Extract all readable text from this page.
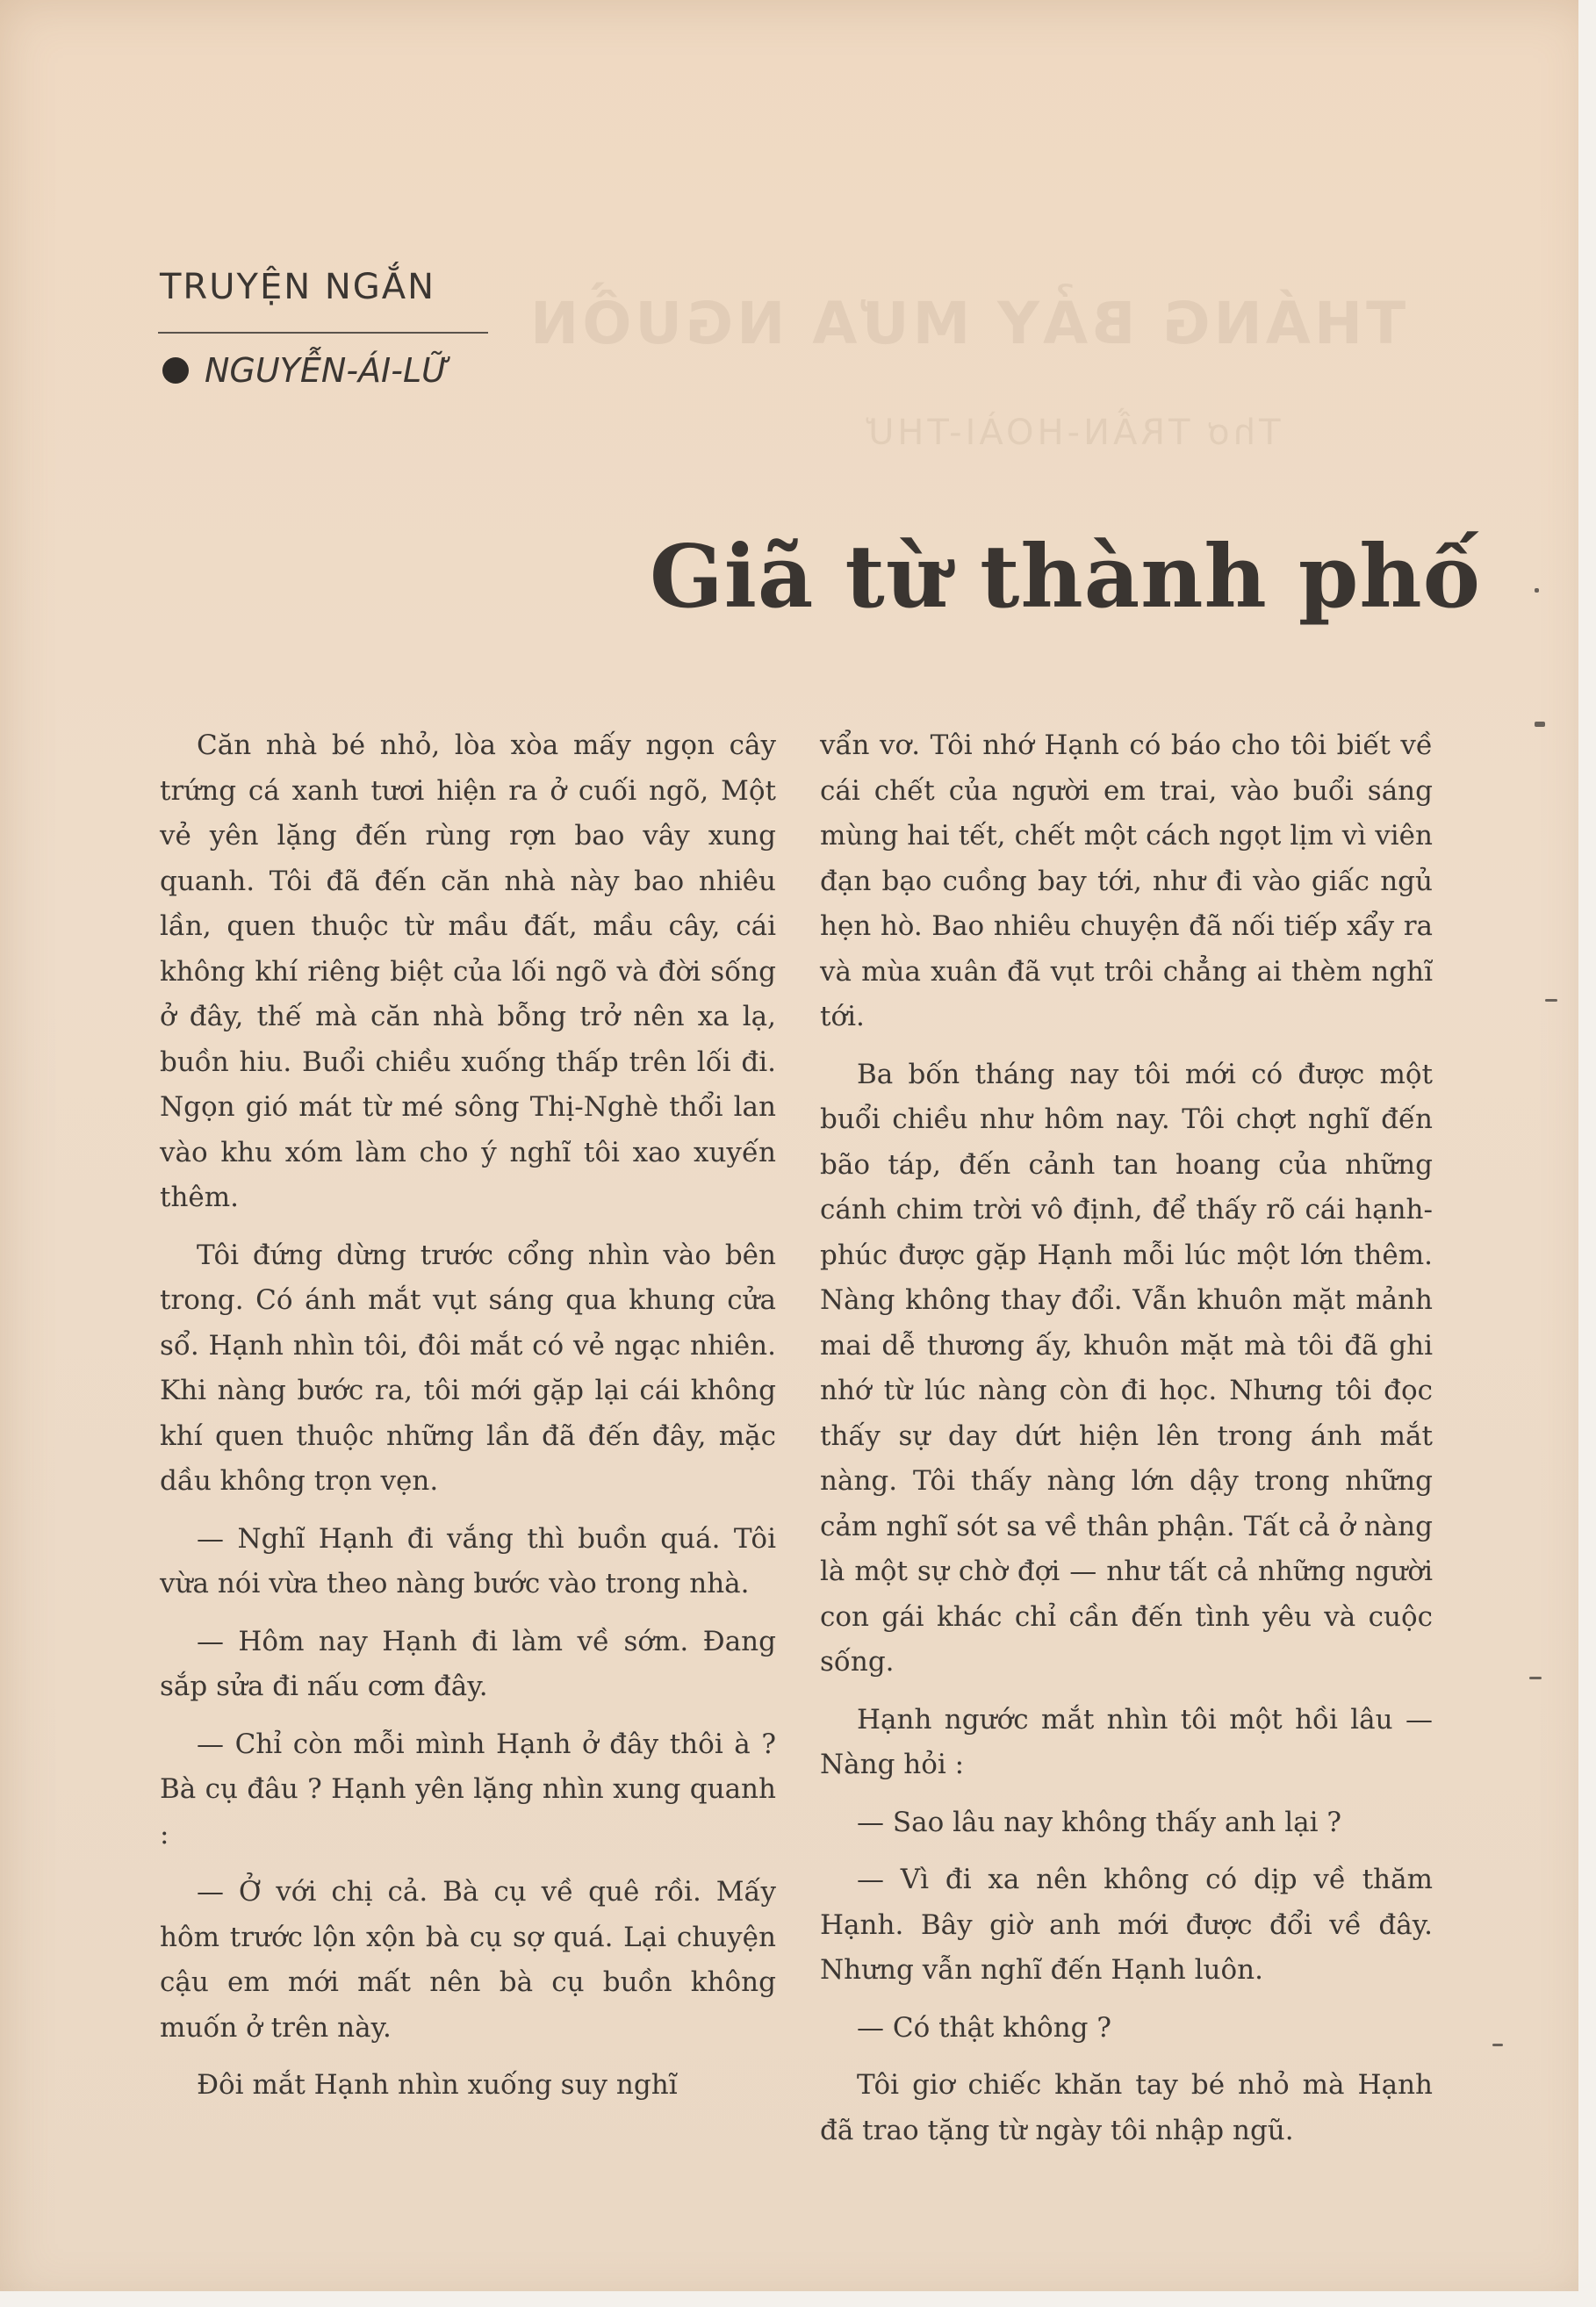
THÁNG BẢY MƯA NGUỒN
Thơ TRẦN-HOÀI-THƯ
TRUYỆN NGẮN
NGUYỄN-ÁI-LỮ
Giã từ thành phố

Căn nhà bé nhỏ, lòa xòa mấy ngọn cây trứng cá xanh tươi hiện ra ở cuối ngõ, Một vẻ yên lặng đến rùng rợn bao vây xung quanh. Tôi đã đến căn nhà này bao nhiêu lần, quen thuộc từ mầu đất, mầu cây, cái không khí riêng biệt của lối ngõ và đời sống ở đây, thế mà căn nhà bỗng trở nên xa lạ, buồn hiu. Buổi chiều xuống thấp trên lối đi. Ngọn gió mát từ mé sông Thị-Nghè thổi lan vào khu xóm làm cho ý nghĩ tôi xao xuyến thêm.

Tôi đứng dừng trước cổng nhìn vào bên trong. Có ánh mắt vụt sáng qua khung cửa sổ. Hạnh nhìn tôi, đôi mắt có vẻ ngạc nhiên. Khi nàng bước ra, tôi mới gặp lại cái không khí quen thuộc những lần đã đến đây, mặc dầu không trọn vẹn.

— Nghĩ Hạnh đi vắng thì buồn quá. Tôi vừa nói vừa theo nàng bước vào trong nhà.

— Hôm nay Hạnh đi làm về sớm. Đang sắp sửa đi nấu cơm đây.

— Chỉ còn mỗi mình Hạnh ở đây thôi à ? Bà cụ đâu ? Hạnh yên lặng nhìn xung quanh :

— Ở với chị cả. Bà cụ về quê rồi. Mấy hôm trước lộn xộn bà cụ sợ quá. Lại chuyện cậu em mới mất nên bà cụ buồn không muốn ở trên này.

Đôi mắt Hạnh nhìn xuống suy nghĩ

vẩn vơ. Tôi nhớ Hạnh có báo cho tôi biết về cái chết của người em trai, vào buổi sáng mùng hai tết, chết một cách ngọt lịm vì viên đạn bạo cuồng bay tới, như đi vào giấc ngủ hẹn hò. Bao nhiêu chuyện đã nối tiếp xẩy ra và mùa xuân đã vụt trôi chẳng ai thèm nghĩ tới.

Ba bốn tháng nay tôi mới có được một buổi chiều như hôm nay. Tôi chợt nghĩ đến bão táp, đến cảnh tan hoang của những cánh chim trời vô định, để thấy rõ cái hạnh-phúc được gặp Hạnh mỗi lúc một lớn thêm. Nàng không thay đổi. Vẫn khuôn mặt mảnh mai dễ thương ấy, khuôn mặt mà tôi đã ghi nhớ từ lúc nàng còn đi học. Nhưng tôi đọc thấy sự day dứt hiện lên trong ánh mắt nàng. Tôi thấy nàng lớn dậy trong những cảm nghĩ sót sa về thân phận. Tất cả ở nàng là một sự chờ đợi — như tất cả những người con gái khác chỉ cần đến tình yêu và cuộc sống.

Hạnh ngước mắt nhìn tôi một hồi lâu — Nàng hỏi :

— Sao lâu nay không thấy anh lại ?

— Vì đi xa nên không có dịp về thăm Hạnh. Bây giờ anh mới được đổi về đây. Nhưng vẫn nghĩ đến Hạnh luôn.

— Có thật không ?

Tôi giơ chiếc khăn tay bé nhỏ mà Hạnh đã trao tặng từ ngày tôi nhập ngũ.
